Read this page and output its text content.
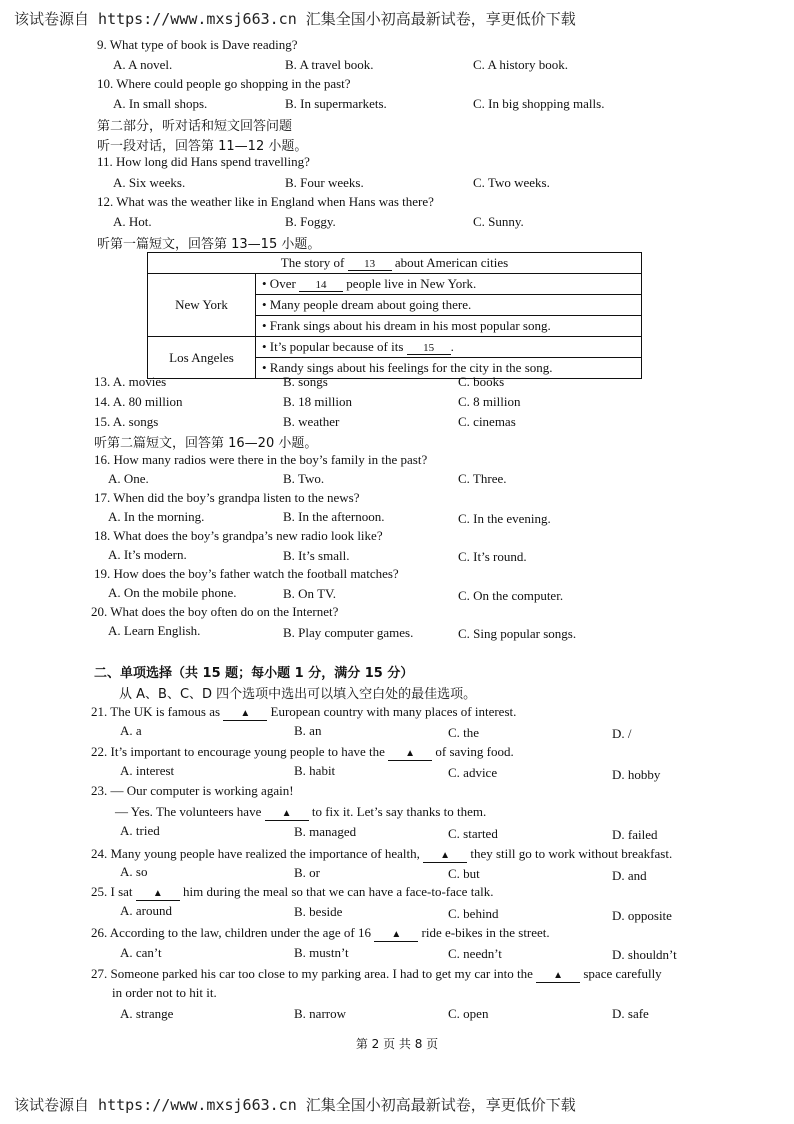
该试卷源自 https://www.mxsj663.cn 汇集全国小初高最新试卷，享更低价下载
9. What type of book is Dave reading?
A. A novel.	B. A travel book.	C. A history book.
10. Where could people go shopping in the past?
A. In small shops.	B. In supermarkets.	C. In big shopping malls.
第二部分，听对话和短文回答问题
听一段对话，回答第 11—12 小题。
11. How long did Hans spend travelling?
A. Six weeks.	B. Four weeks.	C. Two weeks.
12. What was the weather like in England when Hans was there?
A. Hot.	B. Foggy.	C. Sunny.
听第一篇短文，回答第 13—15 小题。
The story of 13 about American cities	
New York	• Over 14 people live in New York.
• Many people dream about going there.
• Frank sings about his dream in his most popular song.

Los Angeles	• It’s popular because of its 15 .
• Randy sings about his feelings for the city in the song.
13. A. movies	B. songs	C. books
14. A. 80 million	B. 18 million	C. 8 million
15. A. songs	B. weather	C. cinemas
听第二篇短文，回答第 16—20 小题。
16. How many radios were there in the boy’s family in the past?
A. One.	B. Two.	C. Three.
17. When did the boy’s grandpa listen to the news?
A. In the morning.	B. In the afternoon.	C. In the evening.
18. What does the boy’s grandpa’s new radio look like?
A. It’s modern.	B. It’s small.	C. It’s round.
19. How does the boy’s father watch the football matches?
A. On the mobile phone.	B. On TV.	C. On the computer.
20. What does the boy often do on the Internet?
A. Learn English.	B. Play computer games.	C. Sing popular songs.
二、单项选择（共 15 题；每小题 1 分，满分 15 分）
从 A、B、C、D 四个选项中选出可以填入空白处的最佳选项。
21. The UK is famous as ▲ European country with many places of interest.
A. a	B. an	C. the	D. /
22. It’s important to encourage young people to have the ▲ of saving food.
A. interest	B. habit	C. advice	D. hobby
23. — Our computer is working again!
— Yes. The volunteers have ▲ to fix it. Let’s say thanks to them.
A. tried	B. managed	C. started	D. failed
24. Many young people have realized the importance of health, ▲ they still go to work without breakfast.
A. so	B. or	C. but	D. and
25. I sat ▲ him during the meal so that we can have a face-to-face talk.
A. around	B. beside	C. behind	D. opposite
26. According to the law, children under the age of 16 ▲ ride e-bikes in the street.
A. can’t	B. mustn’t	C. needn’t	D. shouldn’t
27. Someone parked his car too close to my parking area. I had to get my car into the ▲ space carefully
in order not to hit it.
A. strange	B. narrow	C. open	D. safe
第 2 页 共 8 页
该试卷源自 https://www.mxsj663.cn 汇集全国小初高最新试卷，享更低价下载
